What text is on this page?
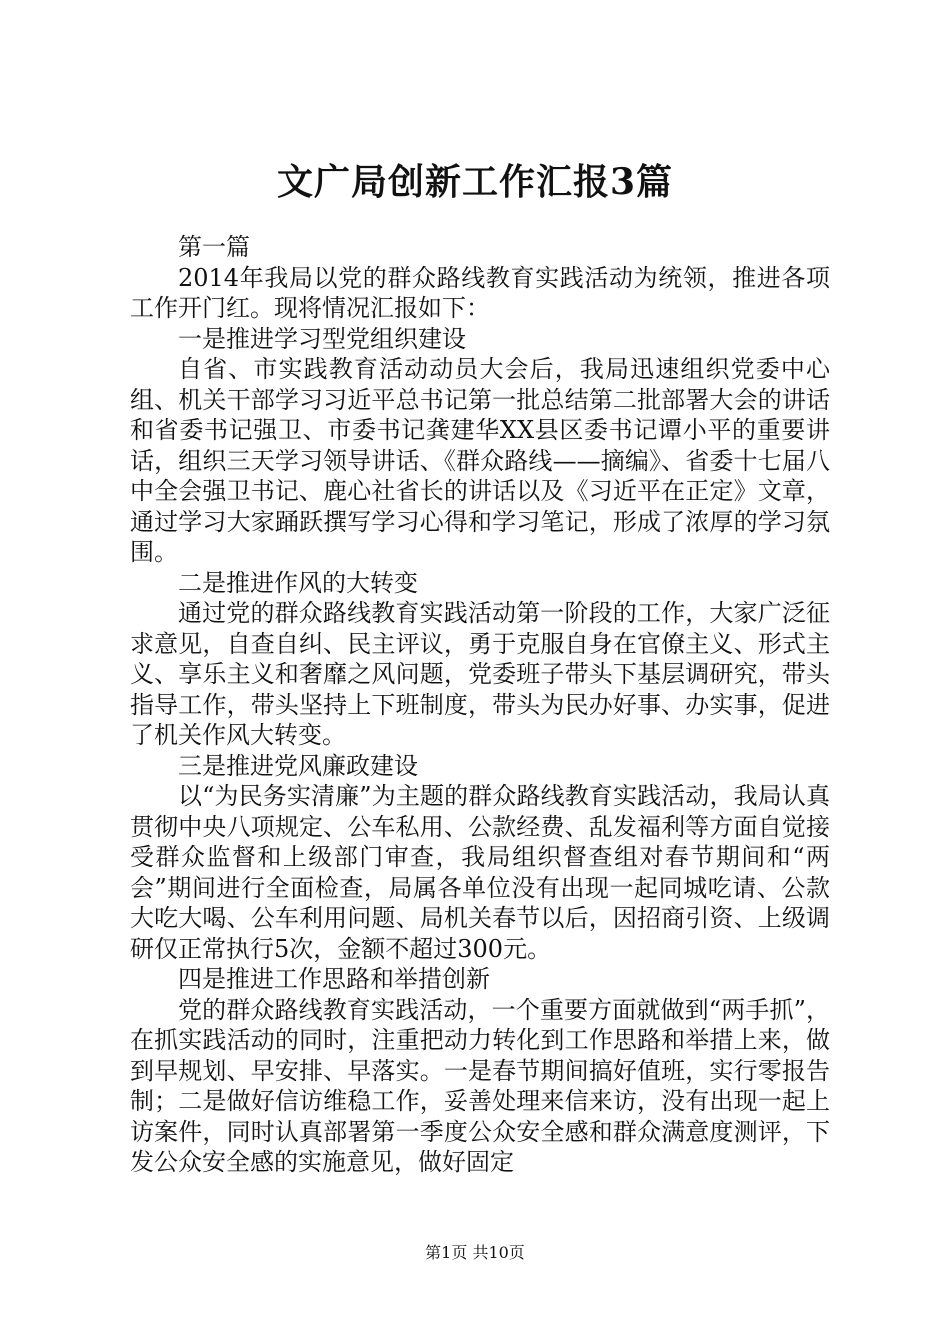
文广局创新工作汇报3篇

第一篇

2014年我局以党的群众路线教育实践活动为统领，推进各项工作开门红。现将情况汇报如下：

一是推进学习型党组织建设

自省、市实践教育活动动员大会后，我局迅速组织党委中心组、机关干部学习习近平总书记第一批总结第二批部署大会的讲话和省委书记强卫、市委书记龚建华XX县区委书记谭小平的重要讲话，组织三天学习领导讲话、《群众路线——摘编》、省委十七届八中全会强卫书记、鹿心社省长的讲话以及《习近平在正定》文章，通过学习大家踊跃撰写学习心得和学习笔记，形成了浓厚的学习氛围。

二是推进作风的大转变

通过党的群众路线教育实践活动第一阶段的工作，大家广泛征求意见，自查自纠、民主评议，勇于克服自身在官僚主义、形式主义、享乐主义和奢靡之风问题，党委班子带头下基层调研究，带头指导工作，带头坚持上下班制度，带头为民办好事、办实事，促进了机关作风大转变。

三是推进党风廉政建设

以“为民务实清廉”为主题的群众路线教育实践活动，我局认真贯彻中央八项规定、公车私用、公款经费、乱发福利等方面自觉接受群众监督和上级部门审查，我局组织督查组对春节期间和“两会”期间进行全面检查，局属各单位没有出现一起同城吃请、公款大吃大喝、公车利用问题、局机关春节以后，因招商引资、上级调研仅正常执行5次，金额不超过300元。

四是推进工作思路和举措创新

党的群众路线教育实践活动，一个重要方面就做到“两手抓”，在抓实践活动的同时，注重把动力转化到工作思路和举措上来，做到早规划、早安排、早落实。一是春节期间搞好值班，实行零报告制；二是做好信访维稳工作，妥善处理来信来访，没有出现一起上访案件，同时认真部署第一季度公众安全感和群众满意度测评，下发公众安全感的实施意见，做好固定

第1页 共10页
